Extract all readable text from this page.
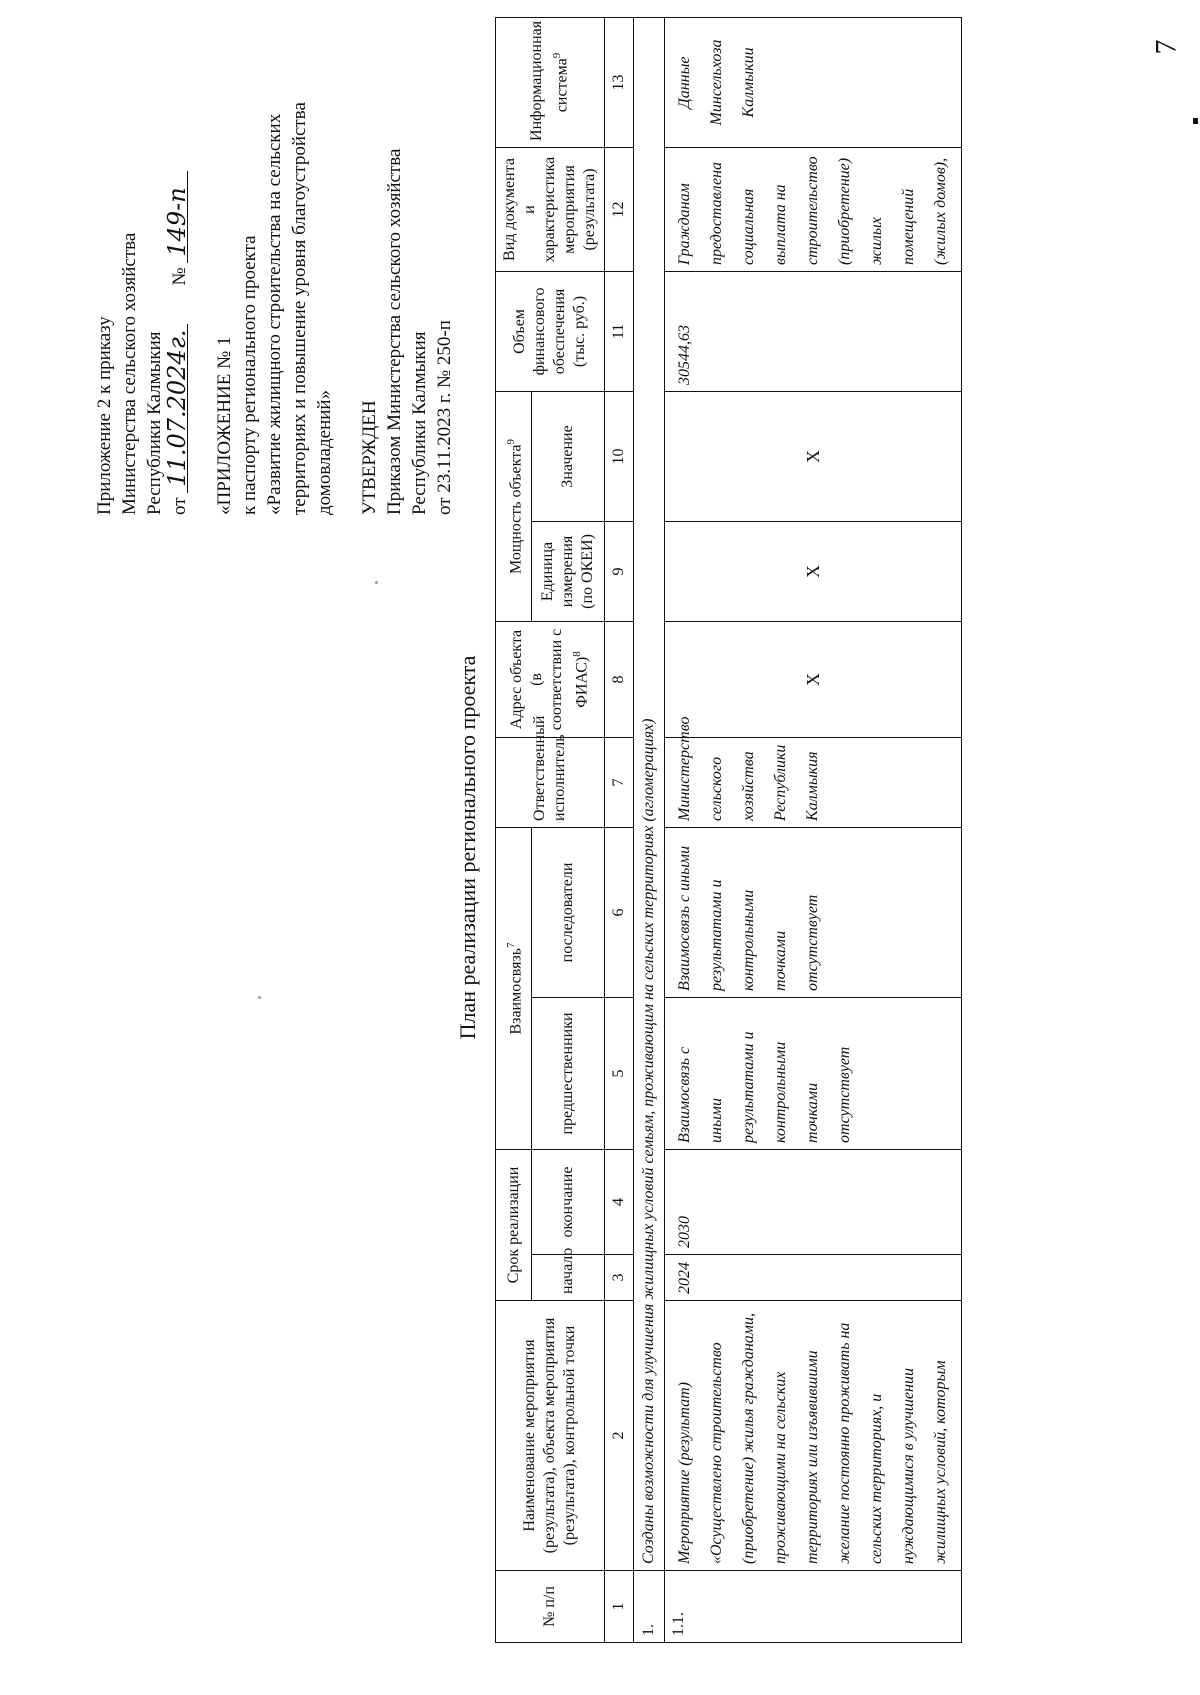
7
Приложение 2 к приказу Министерства сельского хозяйства Республики Калмыкия от 11.07.2024г.        № 149-п
«ПРИЛОЖЕНИЕ № 1 к паспорту регионального проекта «Развитие жилищного строительства на сельских территориях и повышение уровня благоустройства домовладений» УТВЕРЖДЕН Приказом Министерства сельского хозяйства Республики Калмыкия от 23.11.2023 г. № 250-п
План реализации регионального проекта
№ п/п	Наименование мероприятия (результата), объекта мероприятия (результата), контрольной точки	Срок реализации		Взаимосвязь$^7$		Ответственный исполнитель	Адрес объекта (в соответствии с ФИАС)$^8$	Мощность объекта$^9$		Объем финансового обеспечения (тыс. руб.)	Вид документа и характеристика мероприятия (результата)	Информационная система$^9$
		начало	окончание	предшественники	последователи			Единица измерения (по ОКЕИ)	Значение			
1	2	3	4	5	6	7	8	9	10	11	12	13
1.	Созданы возможности для улучшения жилищных условий семьям, проживающим на сельских территориях (агломерациях)											
1.1.	Мероприятие (результат) «Осуществлено строительство (приобретение) жилья гражданами, проживающими на сельских территориях или изъявившими желание постоянно проживать на сельских территориях, и нуждающимися в улучшении жилищных условий, которым	2024	2030	Взаимосвязь с иными результатами и контрольными точками отсутствует	Взаимосвязь с иными результатами и контрольными точками отсутствует	Министерство сельского хозяйства Республики Калмыкия	X	X	X	30544,63	Гражданам предоставлена социальная выплата на строительство (приобретение) жилых помещений (жилых домов),	Данные Минсельхоза Калмыкии
